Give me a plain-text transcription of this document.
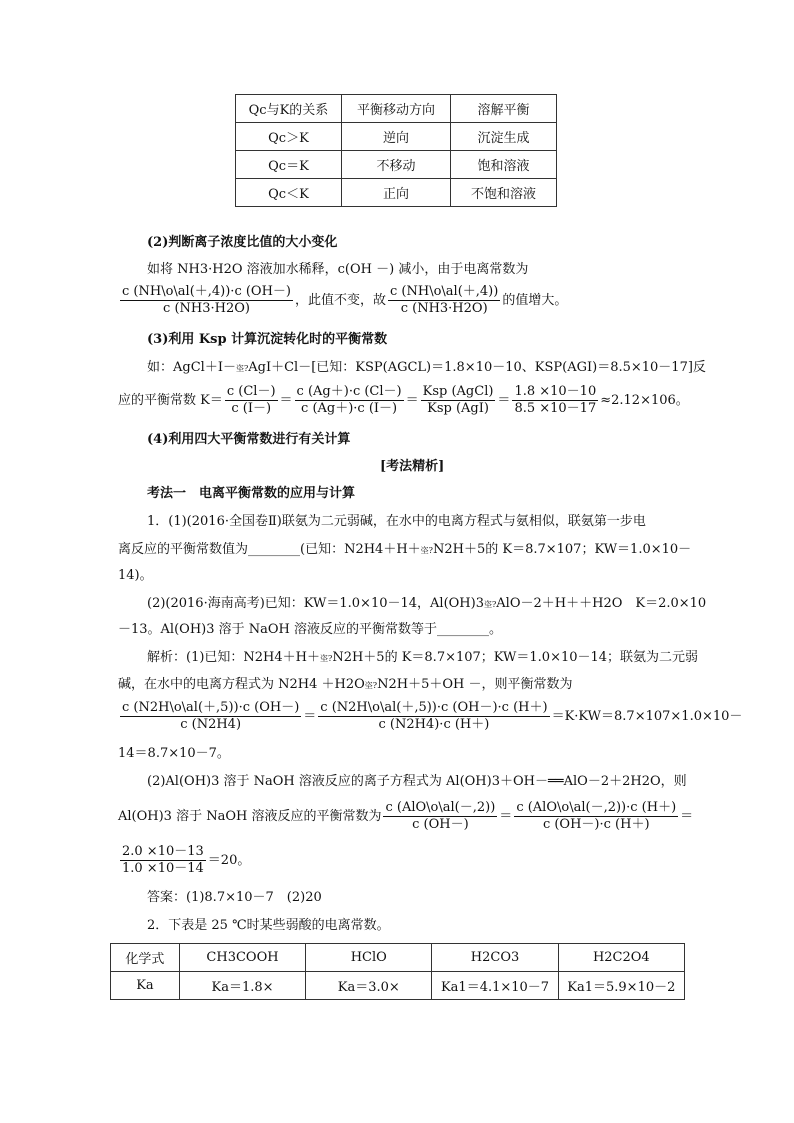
Qc与K的关系	平衡移动方向	溶解平衡
Qc＞K	逆向	沉淀生成
Qc＝K	不移动	饱和溶液
Qc＜K	正向	不饱和溶液
(2)判断离子浓度比值的大小变化
如将 NH3·H2O 溶液加水稀释，c(OH －) 减小，由于电离常数为
$\frac{c (NH\backslash o\backslash al(+,4))\cdot c (OH-)}{c (NH3\cdot H2O)}$ ，此值不变，故 $\frac{c (NH\backslash o\backslash al(+,4))}{c (NH3\cdot H2O)}$ 的值增大。
(3)利用 Ksp 计算沉淀转化时的平衡常数
如：AgCl＋I－垐?AgI＋Cl－[已知：KSP(AGCL)＝1.8×10－10、KSP(AGI)＝8.5×10－17]反
应的平衡常数 $K= \frac{c (Cl-)}{c (I-)} = \frac{c (Ag+)\cdot c (Cl-)}{c (Ag+)\cdot c (I-)} = \frac{\text{Ksp (AgCl)}}{\text{Ksp (AgI)}} = \frac{1.8 \times 10-10}{8.5 \times 10-17} \approx 2.12\times 106$。
(4)利用四大平衡常数进行有关计算
[考法精析]
考法一　电离平衡常数的应用与计算
1．(1)(2016·全国卷Ⅱ)联氨为二元弱碱，在水中的电离方程式与氨相似，联氨第一步电
离反应的平衡常数值为________(已知：N2H4＋H＋垐?N2H＋5的 K＝8.7×107；KW＝1.0×10－
14)。
(2)(2016·海南高考)已知：KW＝1.0×10－14，Al(OH)3垐?AlO－2＋H＋＋H2O　K＝2.0×10
－13。Al(OH)3 溶于 NaOH 溶液反应的平衡常数等于________。
解析：(1)已知：N2H4＋H＋垐?N2H＋5的 K＝8.7×107；KW＝1.0×10－14；联氨为二元弱
碱，在水中的电离方程式为 N2H4 ＋H2O垐?N2H＋5＋OH －，则平衡常数为
$\frac{c (N2H\backslash o\backslash al(+,5))\cdot c (OH-)}{c (N2H4)} = \frac{c (N2H\backslash o\backslash al(+,5))\cdot c (OH-)\cdot c (H+)}{c (N2H4)\cdot c (H+)} =K\cdot KW=8.7\times 107\times 1.0\times 10-$
14＝8.7×10－7。
(2)Al(OH)3 溶于 NaOH 溶液反应的离子方程式为 Al(OH)3＋OH－══AlO－2＋2H2O，则
Al(OH)3 溶于 NaOH 溶液反应的平衡常数为 $\frac{\text{c (AlO\textbackslash{}o\textbackslash{}al(－,2))}}{c (OH-)} = \frac{\text{c (AlO\textbackslash{}o\textbackslash{}al(－,2))·c (H＋)}}{c (OH-)\cdot c (H+)}$ ＝
$\frac{2.0 \times 10-13}{1.0 \times 10-14} =20$。
答案：(1)8.7×10－7　(2)20
2．下表是 25 ℃时某些弱酸的电离常数。
化学式	CH3COOH	HClO	H2CO3	H2C2O4
Ka	Ka＝1.8×	Ka＝3.0×	Ka1＝4.1×10－7	Ka1＝5.9×10－2
